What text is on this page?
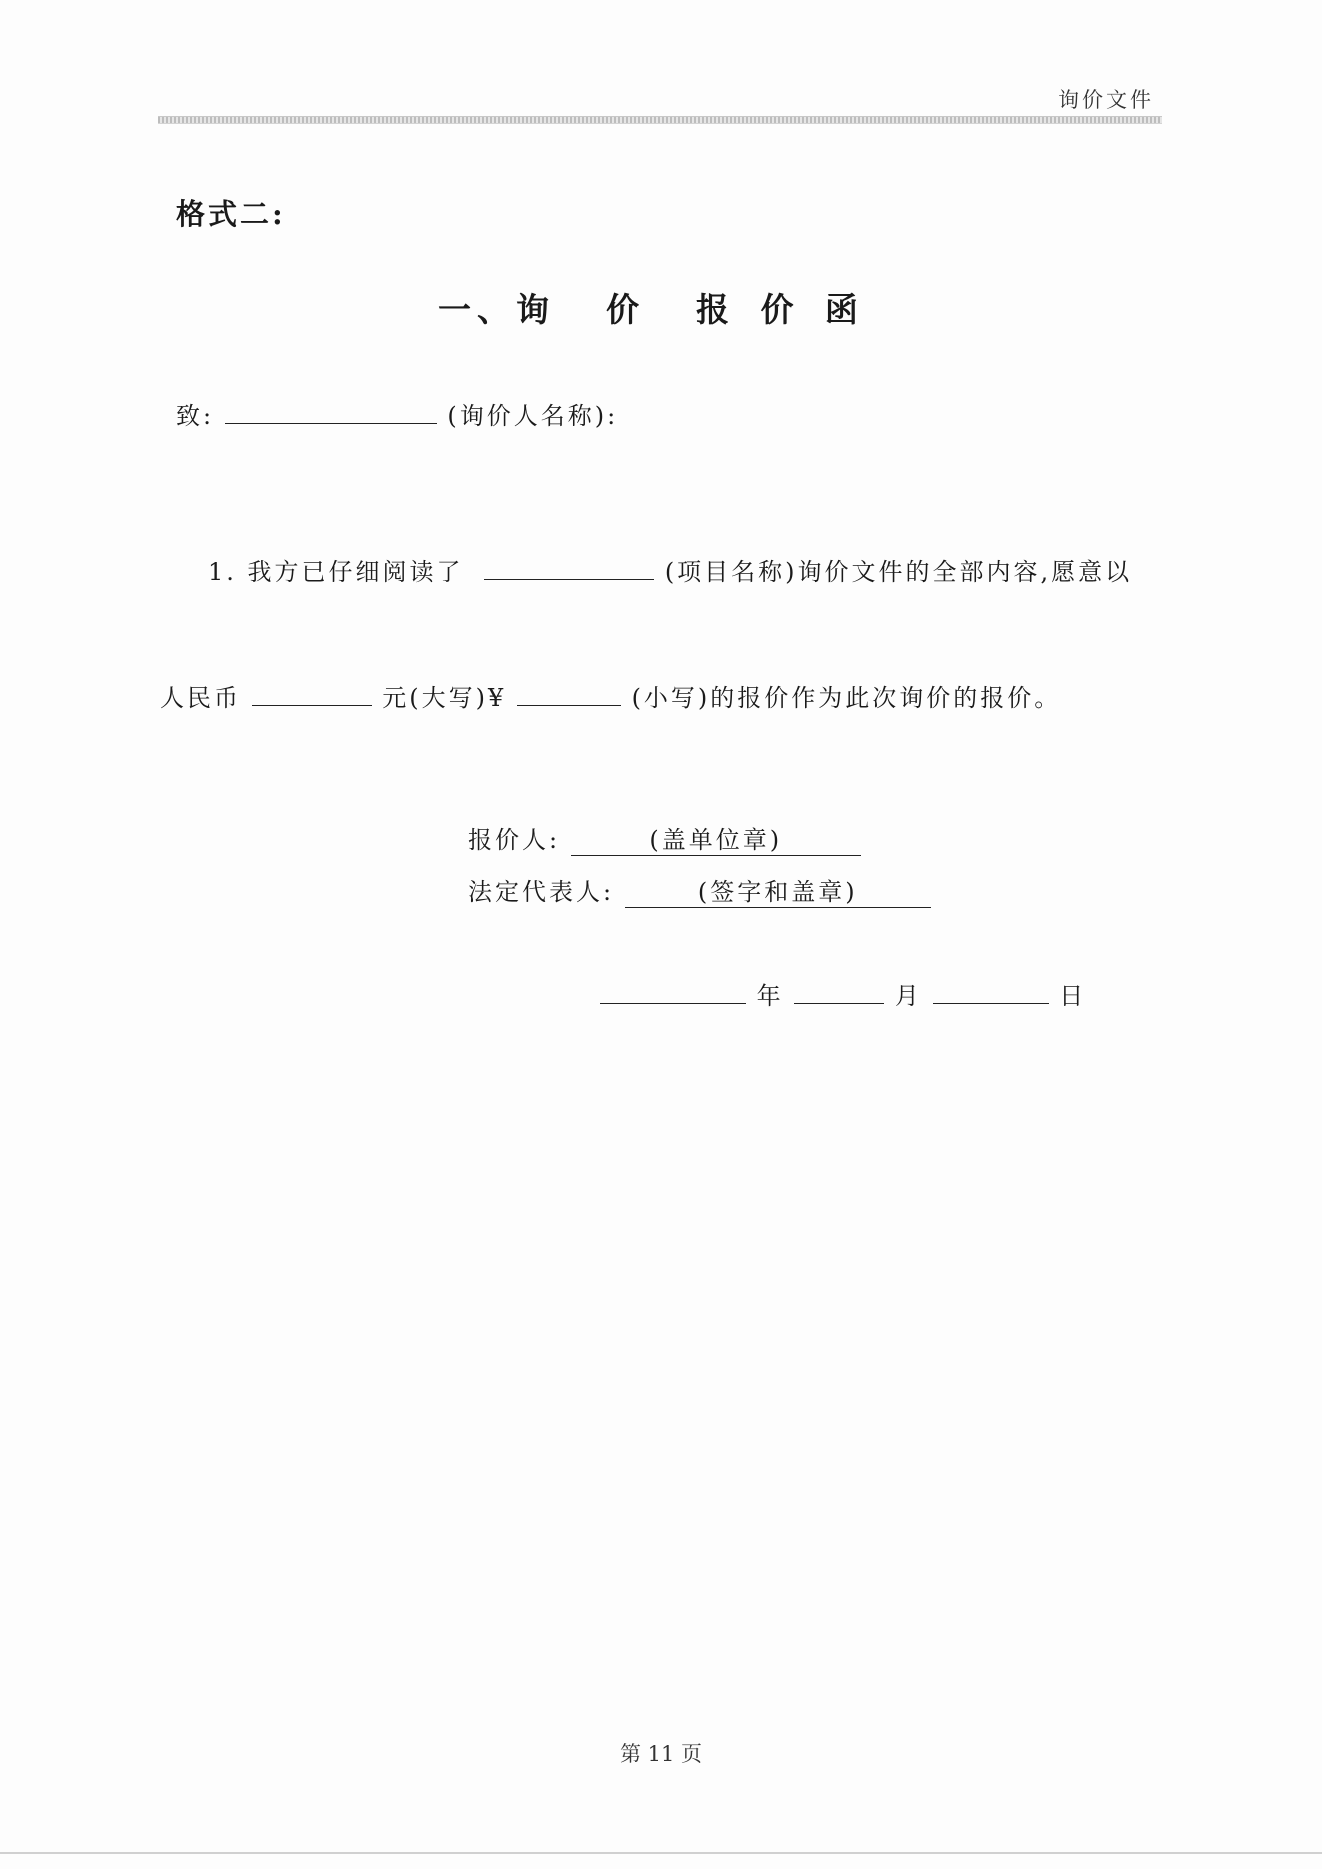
询价文件
格式二:
一、询  价  报 价 函
致:	(询价人名称):
1. 我方已仔细阅读了	(项目名称)询价文件的全部内容,愿意以
人民币	元(大写)¥	(小写)的报价作为此次询价的报价。
报价人:	(盖单位章)
法定代表人:	(签字和盖章)
年	月	日
第 11 页
